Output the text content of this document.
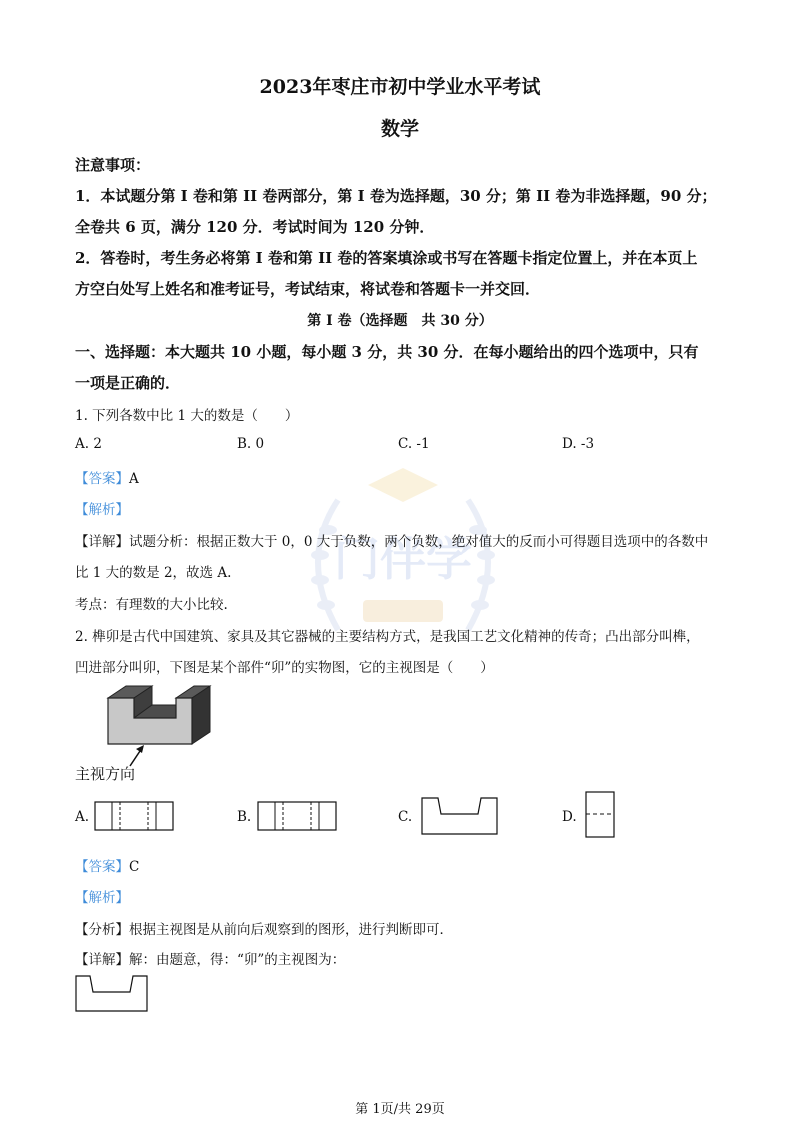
门伴学
2023年枣庄市初中学业水平考试
数学
注意事项：
1．本试题分第 I 卷和第 II 卷两部分，第 I 卷为选择题，30 分；第 II 卷为非选择题，90 分；
全卷共 6 页，满分 120 分．考试时间为 120 分钟．
2．答卷时，考生务必将第 I 卷和第 II 卷的答案填涂或书写在答题卡指定位置上，并在本页上
方空白处写上姓名和准考证号，考试结束，将试卷和答题卡一并交回．
第 I 卷（选择题　共 30 分）
一、选择题：本大题共 10 小题，每小题 3 分，共 30 分．在每小题给出的四个选项中，只有
一项是正确的．
1. 下列各数中比 1 大的数是（　　）
A. 2	B. 0	C. -1	D. -3
【答案】A
【解析】
【详解】试题分析：根据正数大于 0，0 大于负数，两个负数，绝对值大的反而小可得题目选项中的各数中
比 1 大的数是 2，故选 A.
考点：有理数的大小比较.
2. 榫卯是古代中国建筑、家具及其它器械的主要结构方式，是我国工艺文化精神的传奇；凸出部分叫榫，
凹进部分叫卯，下图是某个部件“卯”的实物图，它的主视图是（　　）
主视方向
A.	B.	C.	D.
【答案】C
【解析】
【分析】根据主视图是从前向后观察到的图形，进行判断即可．
【详解】解：由题意，得：“卯”的主视图为：
第 1页/共 29页
